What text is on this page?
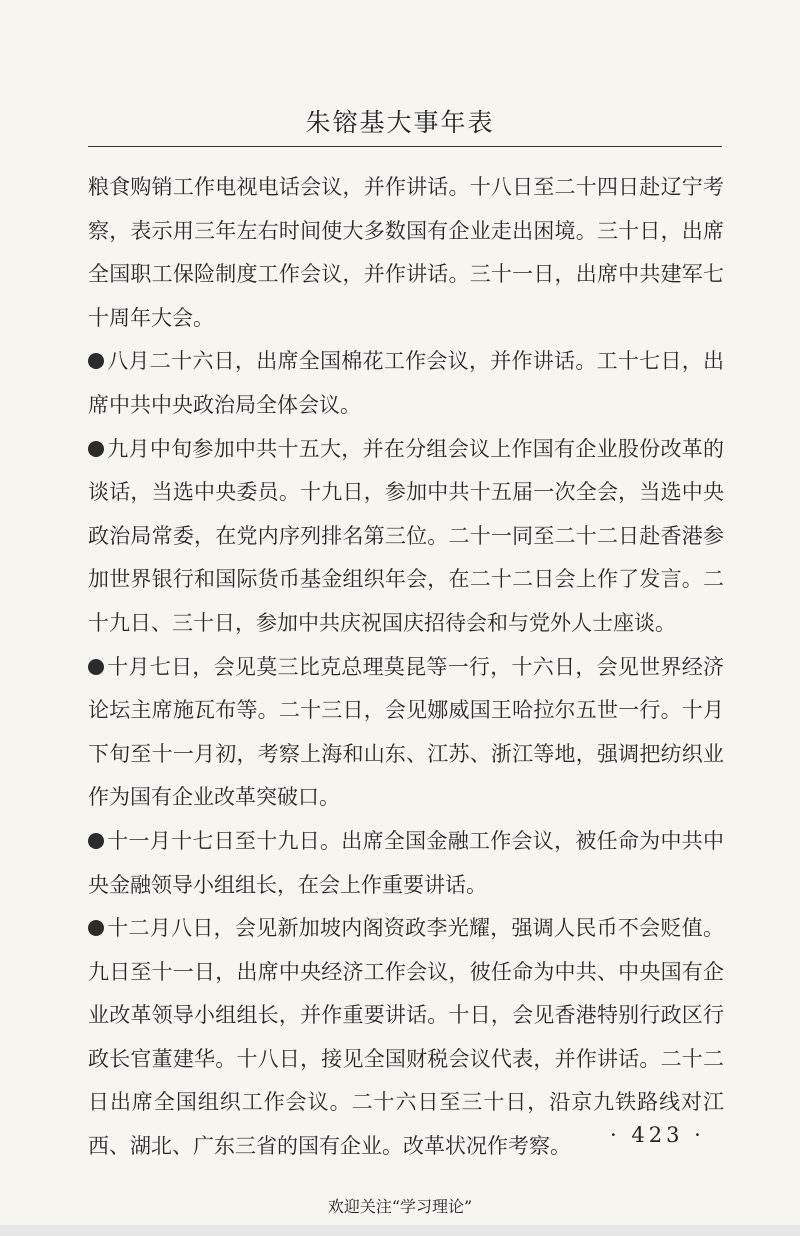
朱镕基大事年表

粮食购销工作电视电话会议，并作讲话。十八日至二十四日赴辽宁考察，表示用三年左右时间使大多数国有企业走出困境。三十日，出席全国职工保险制度工作会议，并作讲话。三十一日，出席中共建军七十周年大会。

八月二十六日，出席全国棉花工作会议，并作讲话。工十七日，出席中共中央政治局全体会议。

九月中旬参加中共十五大，并在分组会议上作国有企业股份改革的谈话，当选中央委员。十九日，参加中共十五届一次全会，当选中央政治局常委，在党内序列排名第三位。二十一同至二十二日赴香港参加世界银行和国际货币基金组织年会，在二十二日会上作了发言。二十九日、三十日，参加中共庆祝国庆招待会和与党外人士座谈。

十月七日，会见莫三比克总理莫昆等一行，十六日，会见世界经济论坛主席施瓦布等。二十三日，会见娜威国王哈拉尔五世一行。十月下旬至十一月初，考察上海和山东、江苏、浙江等地，强调把纺织业作为国有企业改革突破口。

十一月十七日至十九日。出席全国金融工作会议，被任命为中共中央金融领导小组组长，在会上作重要讲话。

十二月八日，会见新加坡内阁资政李光耀，强调人民币不会贬值。九日至十一日，出席中央经济工作会议，彼任命为中共、中央国有企业改革领导小组组长，并作重要讲话。十日，会见香港特别行政区行政长官董建华。十八日，接见全国财税会议代表，并作讲话。二十二日出席全国组织工作会议。二十六日至三十日，沿京九铁路线对江西、湖北、广东三省的国有企业。改革状况作考察。	· 423 ·
欢迎关注“学习理论”
